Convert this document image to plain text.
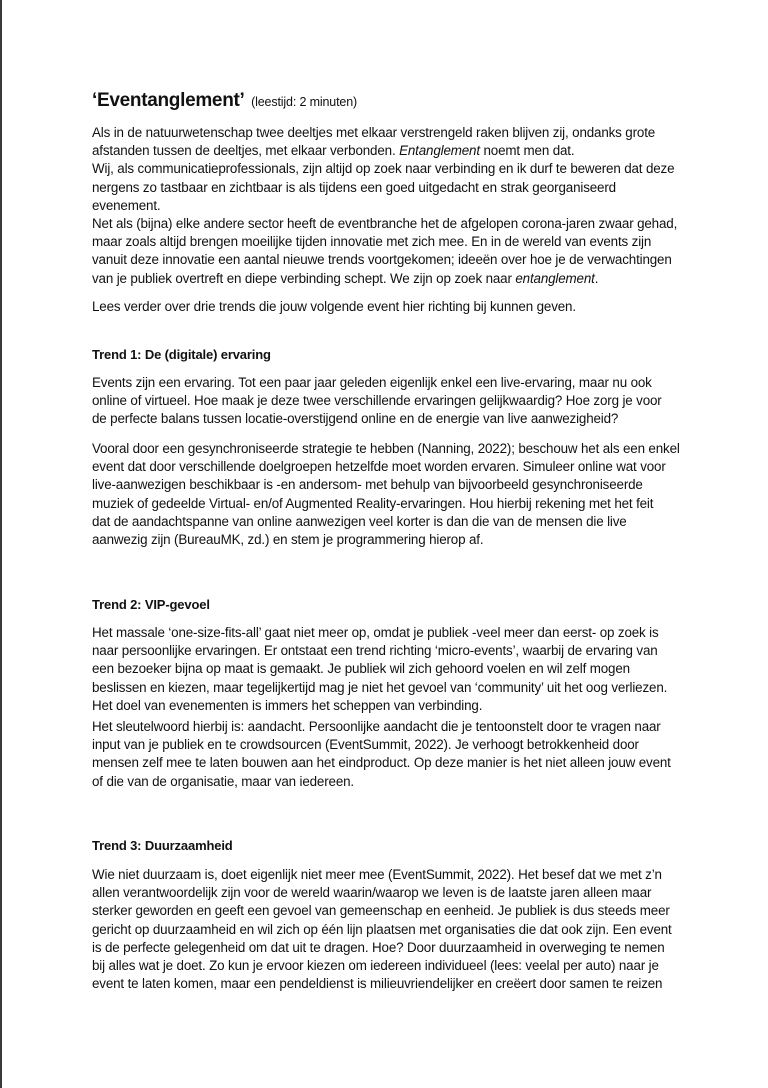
‘Eventanglement’ (leestijd: 2 minuten)
Als in de natuurwetenschap twee deeltjes met elkaar verstrengeld raken blijven zij, ondanks grote
afstanden tussen de deeltjes, met elkaar verbonden. Entanglement noemt men dat.
Wij, als communicatieprofessionals, zijn altijd op zoek naar verbinding en ik durf te beweren dat deze
nergens zo tastbaar en zichtbaar is als tijdens een goed uitgedacht en strak georganiseerd
evenement.
Net als (bijna) elke andere sector heeft de eventbranche het de afgelopen corona-jaren zwaar gehad,
maar zoals altijd brengen moeilijke tijden innovatie met zich mee. En in de wereld van events zijn
vanuit deze innovatie een aantal nieuwe trends voortgekomen; ideeën over hoe je de verwachtingen
van je publiek overtreft en diepe verbinding schept. We zijn op zoek naar entanglement.
Lees verder over drie trends die jouw volgende event hier richting bij kunnen geven.
Trend 1: De (digitale) ervaring
Events zijn een ervaring. Tot een paar jaar geleden eigenlijk enkel een live-ervaring, maar nu ook
online of virtueel. Hoe maak je deze twee verschillende ervaringen gelijkwaardig? Hoe zorg je voor
de perfecte balans tussen locatie-overstijgend online en de energie van live aanwezigheid?
Vooral door een gesynchroniseerde strategie te hebben (Nanning, 2022); beschouw het als een enkel
event dat door verschillende doelgroepen hetzelfde moet worden ervaren. Simuleer online wat voor
live-aanwezigen beschikbaar is -en andersom- met behulp van bijvoorbeeld gesynchroniseerde
muziek of gedeelde Virtual- en/of Augmented Reality-ervaringen. Hou hierbij rekening met het feit
dat de aandachtspanne van online aanwezigen veel korter is dan die van de mensen die live
aanwezig zijn (BureauMK, zd.) en stem je programmering hierop af.
Trend 2: VIP-gevoel
Het massale ‘one-size-fits-all’ gaat niet meer op, omdat je publiek -veel meer dan eerst- op zoek is
naar persoonlijke ervaringen. Er ontstaat een trend richting ‘micro-events’, waarbij de ervaring van
een bezoeker bijna op maat is gemaakt. Je publiek wil zich gehoord voelen en wil zelf mogen
beslissen en kiezen, maar tegelijkertijd mag je niet het gevoel van ‘community’ uit het oog verliezen.
Het doel van evenementen is immers het scheppen van verbinding.
Het sleutelwoord hierbij is: aandacht. Persoonlijke aandacht die je tentoonstelt door te vragen naar
input van je publiek en te crowdsourcen (EventSummit, 2022). Je verhoogt betrokkenheid door
mensen zelf mee te laten bouwen aan het eindproduct. Op deze manier is het niet alleen jouw event
of die van de organisatie, maar van iedereen.
Trend 3: Duurzaamheid
Wie niet duurzaam is, doet eigenlijk niet meer mee (EventSummit, 2022). Het besef dat we met z’n
allen verantwoordelijk zijn voor de wereld waarin/waarop we leven is de laatste jaren alleen maar
sterker geworden en geeft een gevoel van gemeenschap en eenheid. Je publiek is dus steeds meer
gericht op duurzaamheid en wil zich op één lijn plaatsen met organisaties die dat ook zijn. Een event
is de perfecte gelegenheid om dat uit te dragen. Hoe? Door duurzaamheid in overweging te nemen
bij alles wat je doet. Zo kun je ervoor kiezen om iedereen individueel (lees: veelal per auto) naar je
event te laten komen, maar een pendeldienst is milieuvriendelijker en creëert door samen te reizen
